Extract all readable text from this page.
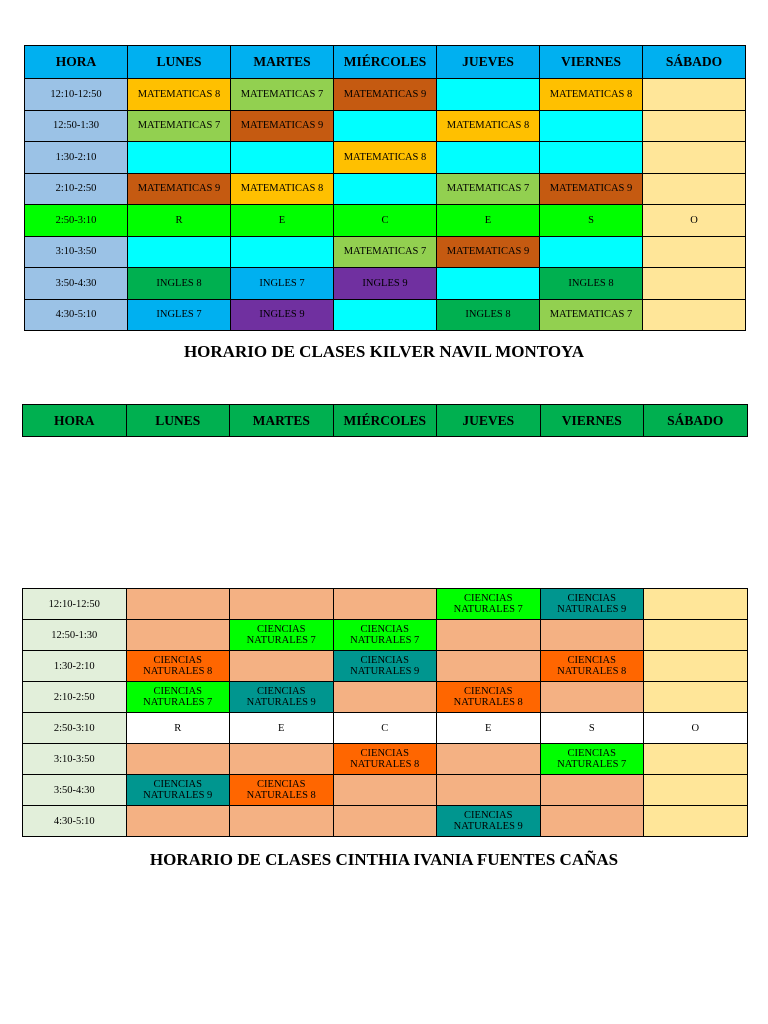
HORA	LUNES	MARTES	MIÉRCOLES	JUEVES	VIERNES	SÁBADO
12:10-12:50	MATEMATICAS 8	MATEMATICAS 7	MATEMATICAS 9		MATEMATICAS 8	
12:50-1:30	MATEMATICAS 7	MATEMATICAS 9		MATEMATICAS 8		
1:30-2:10			MATEMATICAS 8			
2:10-2:50	MATEMATICAS 9	MATEMATICAS 8		MATEMATICAS 7	MATEMATICAS 9	
2:50-3:10	R	E	C	E	S	O
3:10-3:50			MATEMATICAS 7	MATEMATICAS 9		
3:50-4:30	INGLES 8	INGLES 7	INGLES 9		INGLES 8	
4:30-5:10	INGLES 7	INGLES 9		INGLES 8	MATEMATICAS 7	
HORARIO DE CLASES KILVER NAVIL MONTOYA
HORA	LUNES	MARTES	MIÉRCOLES	JUEVES	VIERNES	SÁBADO
12:10-12:50				CIENCIAS NATURALES 7	CIENCIAS NATURALES 9	
12:50-1:30		CIENCIAS NATURALES 7	CIENCIAS NATURALES 7			
1:30-2:10	CIENCIAS NATURALES 8		CIENCIAS NATURALES 9		CIENCIAS NATURALES 8	
2:10-2:50	CIENCIAS NATURALES 7	CIENCIAS NATURALES 9		CIENCIAS NATURALES 8		
2:50-3:10	R	E	C	E	S	O
3:10-3:50			CIENCIAS NATURALES 8		CIENCIAS NATURALES 7	
3:50-4:30	CIENCIAS NATURALES 9	CIENCIAS NATURALES 8				
4:30-5:10				CIENCIAS NATURALES 9		
HORARIO DE CLASES CINTHIA IVANIA FUENTES CAÑAS
